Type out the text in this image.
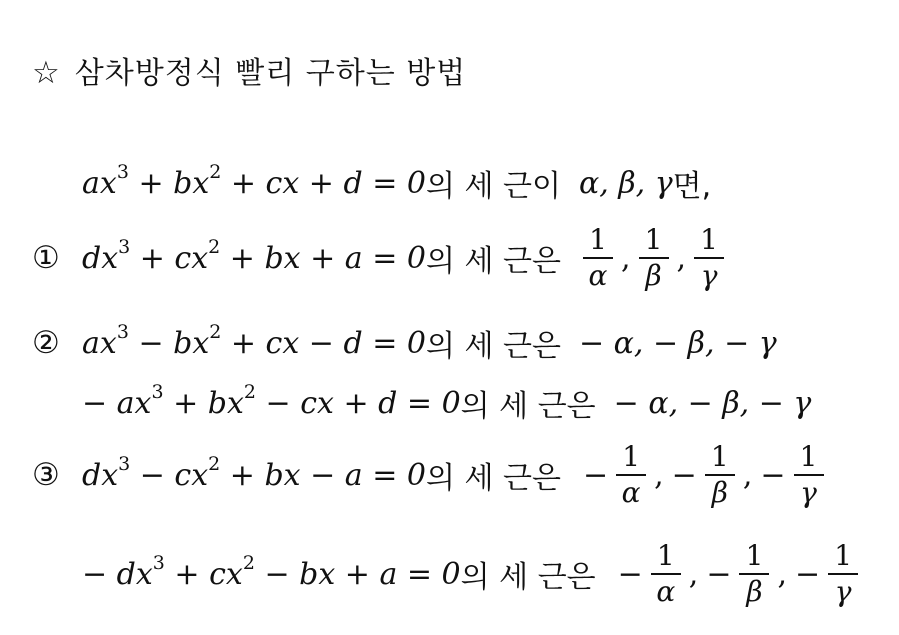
☆ 삼차방정식 빨리 구하는 방법
$ax^3 + bx^2$ + cx + d = 0 의 세 근이 α, β, γ 면,
① $dx^3 + cx^2$ + bx + a = 0 의 세 근은 $\frac{1}{\alpha}$ , $\frac{1}{\beta}$ , $\frac{1}{\gamma}$
② $ax^3 - bx^2$ + cx − d = 0 의 세 근은 − α, − β, − γ
− $ax^3 + bx^2$ − cx + d = 0 의 세 근은 − α, − β, − γ
③ $dx^3 - cx^2$ + bx − a = 0 의 세 근은 − $\frac{1}{\alpha}$ , − $\frac{1}{\beta}$ , − $\frac{1}{\gamma}$
− $dx^3 + cx^2$ − bx + a = 0 의 세 근은 − $\frac{1}{\alpha}$ , − $\frac{1}{\beta}$ , − $\frac{1}{\gamma}$
